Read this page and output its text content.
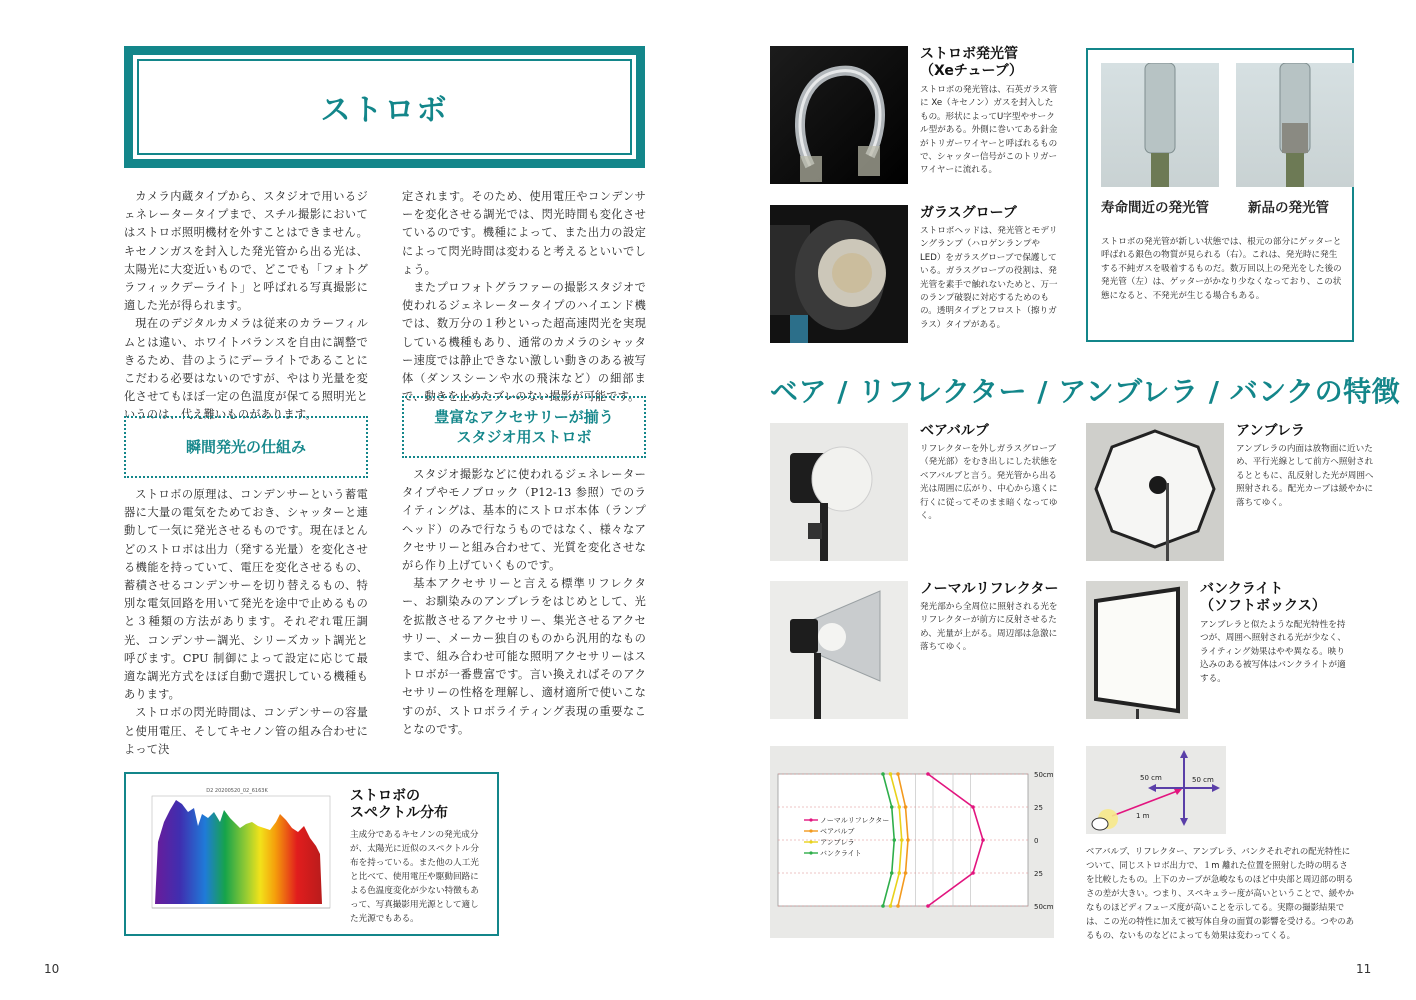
ストロボ

カメラ内蔵タイプから、スタジオで用いるジェネレータータイプまで、スチル撮影においてはストロボ照明機材を外すことはできません。キセノンガスを封入した発光管から出る光は、太陽光に大変近いもので、どこでも「フォトグラフィックデーライト」と呼ばれる写真撮影に適した光が得られます。

現在のデジタルカメラは従来のカラーフィルムとは違い、ホワイトバランスを自由に調整できるため、昔のようにデーライトであることにこだわる必要はないのですが、やはり光量を変化させてもほぼ一定の色温度が保てる照明光というのは、代え難いものがあります。

瞬間発光の仕組み

ストロボの原理は、コンデンサーという蓄電器に大量の電気をためておき、シャッターと連動して一気に発光させるものです。現在ほとんどのストロボは出力（発する光量）を変化させる機能を持っていて、電圧を変化させるもの、蓄積させるコンデンサーを切り替えるもの、特別な電気回路を用いて発光を途中で止めるものと３種類の方法があります。それぞれ電圧調光、コンデンサー調光、シリーズカット調光と呼びます。CPU 制御によって設定に応じて最適な調光方式をほぼ自動で選択している機種もあります。

ストロボの閃光時間は、コンデンサーの容量と使用電圧、そしてキセノン管の組み合わせによって決

定されます。そのため、使用電圧やコンデンサーを変化させる調光では、閃光時間も変化させているのです。機種によって、また出力の設定によって閃光時間は変わると考えるといいでしょう。

またプロフォトグラファーの撮影スタジオで使われるジェネレータータイプのハイエンド機では、数万分の１秒といった超高速閃光を実現している機種もあり、通常のカメラのシャッター速度では静止できない激しい動きのある被写体（ダンスシーンや水の飛沫など）の細部まで、動きを止めたブレのない撮影が可能です。

豊富なアクセサリーが揃う
スタジオ用ストロボ

スタジオ撮影などに使われるジェネレータータイプやモノブロック（P12-13 参照）でのライティングは、基本的にストロボ本体（ランプヘッド）のみで行なうものではなく、様々なアクセサリーと組み合わせて、光質を変化させながら作り上げていくものです。

基本アクセサリーと言える標準リフレクター、お馴染みのアンブレラをはじめとして、光を拡散させるアクセサリー、集光させるアクセサリー、メーカー独自のものから汎用的なものまで、組み合わせ可能な照明アクセサリーはストロボが一番豊富です。言い換えればそのアクセサリーの性格を理解し、適材適所で使いこなすのが、ストロボライティング表現の重要なことなのです。

D2 20200520_02_6163K	ストロボの
スペクトル分布
主成分であるキセノンの発光成分が、太陽光に近似のスペクトル分布を持っている。また他の人工光と比べて、使用電圧や駆動回路による色温度変化が少ない特徴もあって、写真撮影用光源として適した光源でもある。
10
ストロボ発光管
（Xeチューブ）
ストロボの発光管は、石英ガラス管に Xe（キセノン）ガスを封入したもの。形状によってU字型やサークル型がある。外側に巻いてある針金がトリガーワイヤーと呼ばれるもので、シャッター信号がこのトリガーワイヤーに流れる。
ガラスグローブ
ストロボヘッドは、発光管とモデリングランプ（ハロゲンランプやLED）をガラスグローブで保護している。ガラスグローブの役割は、発光管を素手で触れないためと、万一のランプ破裂に対応するためのもの。透明タイプとフロスト（擦りガラス）タイプがある。
寿命間近の発光管	新品の発光管
ストロボの発光管が新しい状態では、根元の部分にゲッターと呼ばれる銀色の物質が見られる（右）。これは、発光時に発生する不純ガスを吸着するものだ。数万回以上の発光をした後の発光管（左）は、ゲッターがかなり少なくなっており、この状態になると、不発光が生じる場合もある。
ベア / リフレクター / アンブレラ / バンクの特徴
ベアバルブ
リフレクターを外しガラスグローブ（発光部）をむき出しにした状態をベアバルブと言う。発光管から出る光は周囲に広がり、中心から遠くに行くに従ってそのまま暗くなってゆく。
アンブレラ
アンブレラの内面は放物面に近いため、平行光線として前方へ照射されるとともに、乱反射した光が周囲へ照射される。配光カーブは緩やかに落ちてゆく。
ノーマルリフレクター
発光部から全周位に照射される光をリフレクターが前方に反射させるため、光量が上がる。周辺部は急激に落ちてゆく。
バンクライト
（ソフトボックス）
アンブレラと似たような配光特性を持つが、周囲へ照射される光が少なく、ライティング効果はやや異なる。映り込みのある被写体はバンクライトが適する。
50cm
25
0
25
50cm
ノーマルリフレクター
ベアバルブ
アンブレラ
バンクライト
50 cm	50 cm
1 m
ベアバルブ、リフレクター、アンブレラ、バンクそれぞれの配光特性について、同じストロボ出力で、１m 離れた位置を照射した時の明るさを比較したもの。上下のカーブが急峻なものほど中央部と周辺部の明るさの差が大きい。つまり、スペキュラー度が高いということで、緩やかなものほどディフューズ度が高いことを示してる。実際の撮影結果では、この光の特性に加えて被写体自身の面質の影響を受ける。つやのあるもの、ないものなどによっても効果は変わってくる。
11
